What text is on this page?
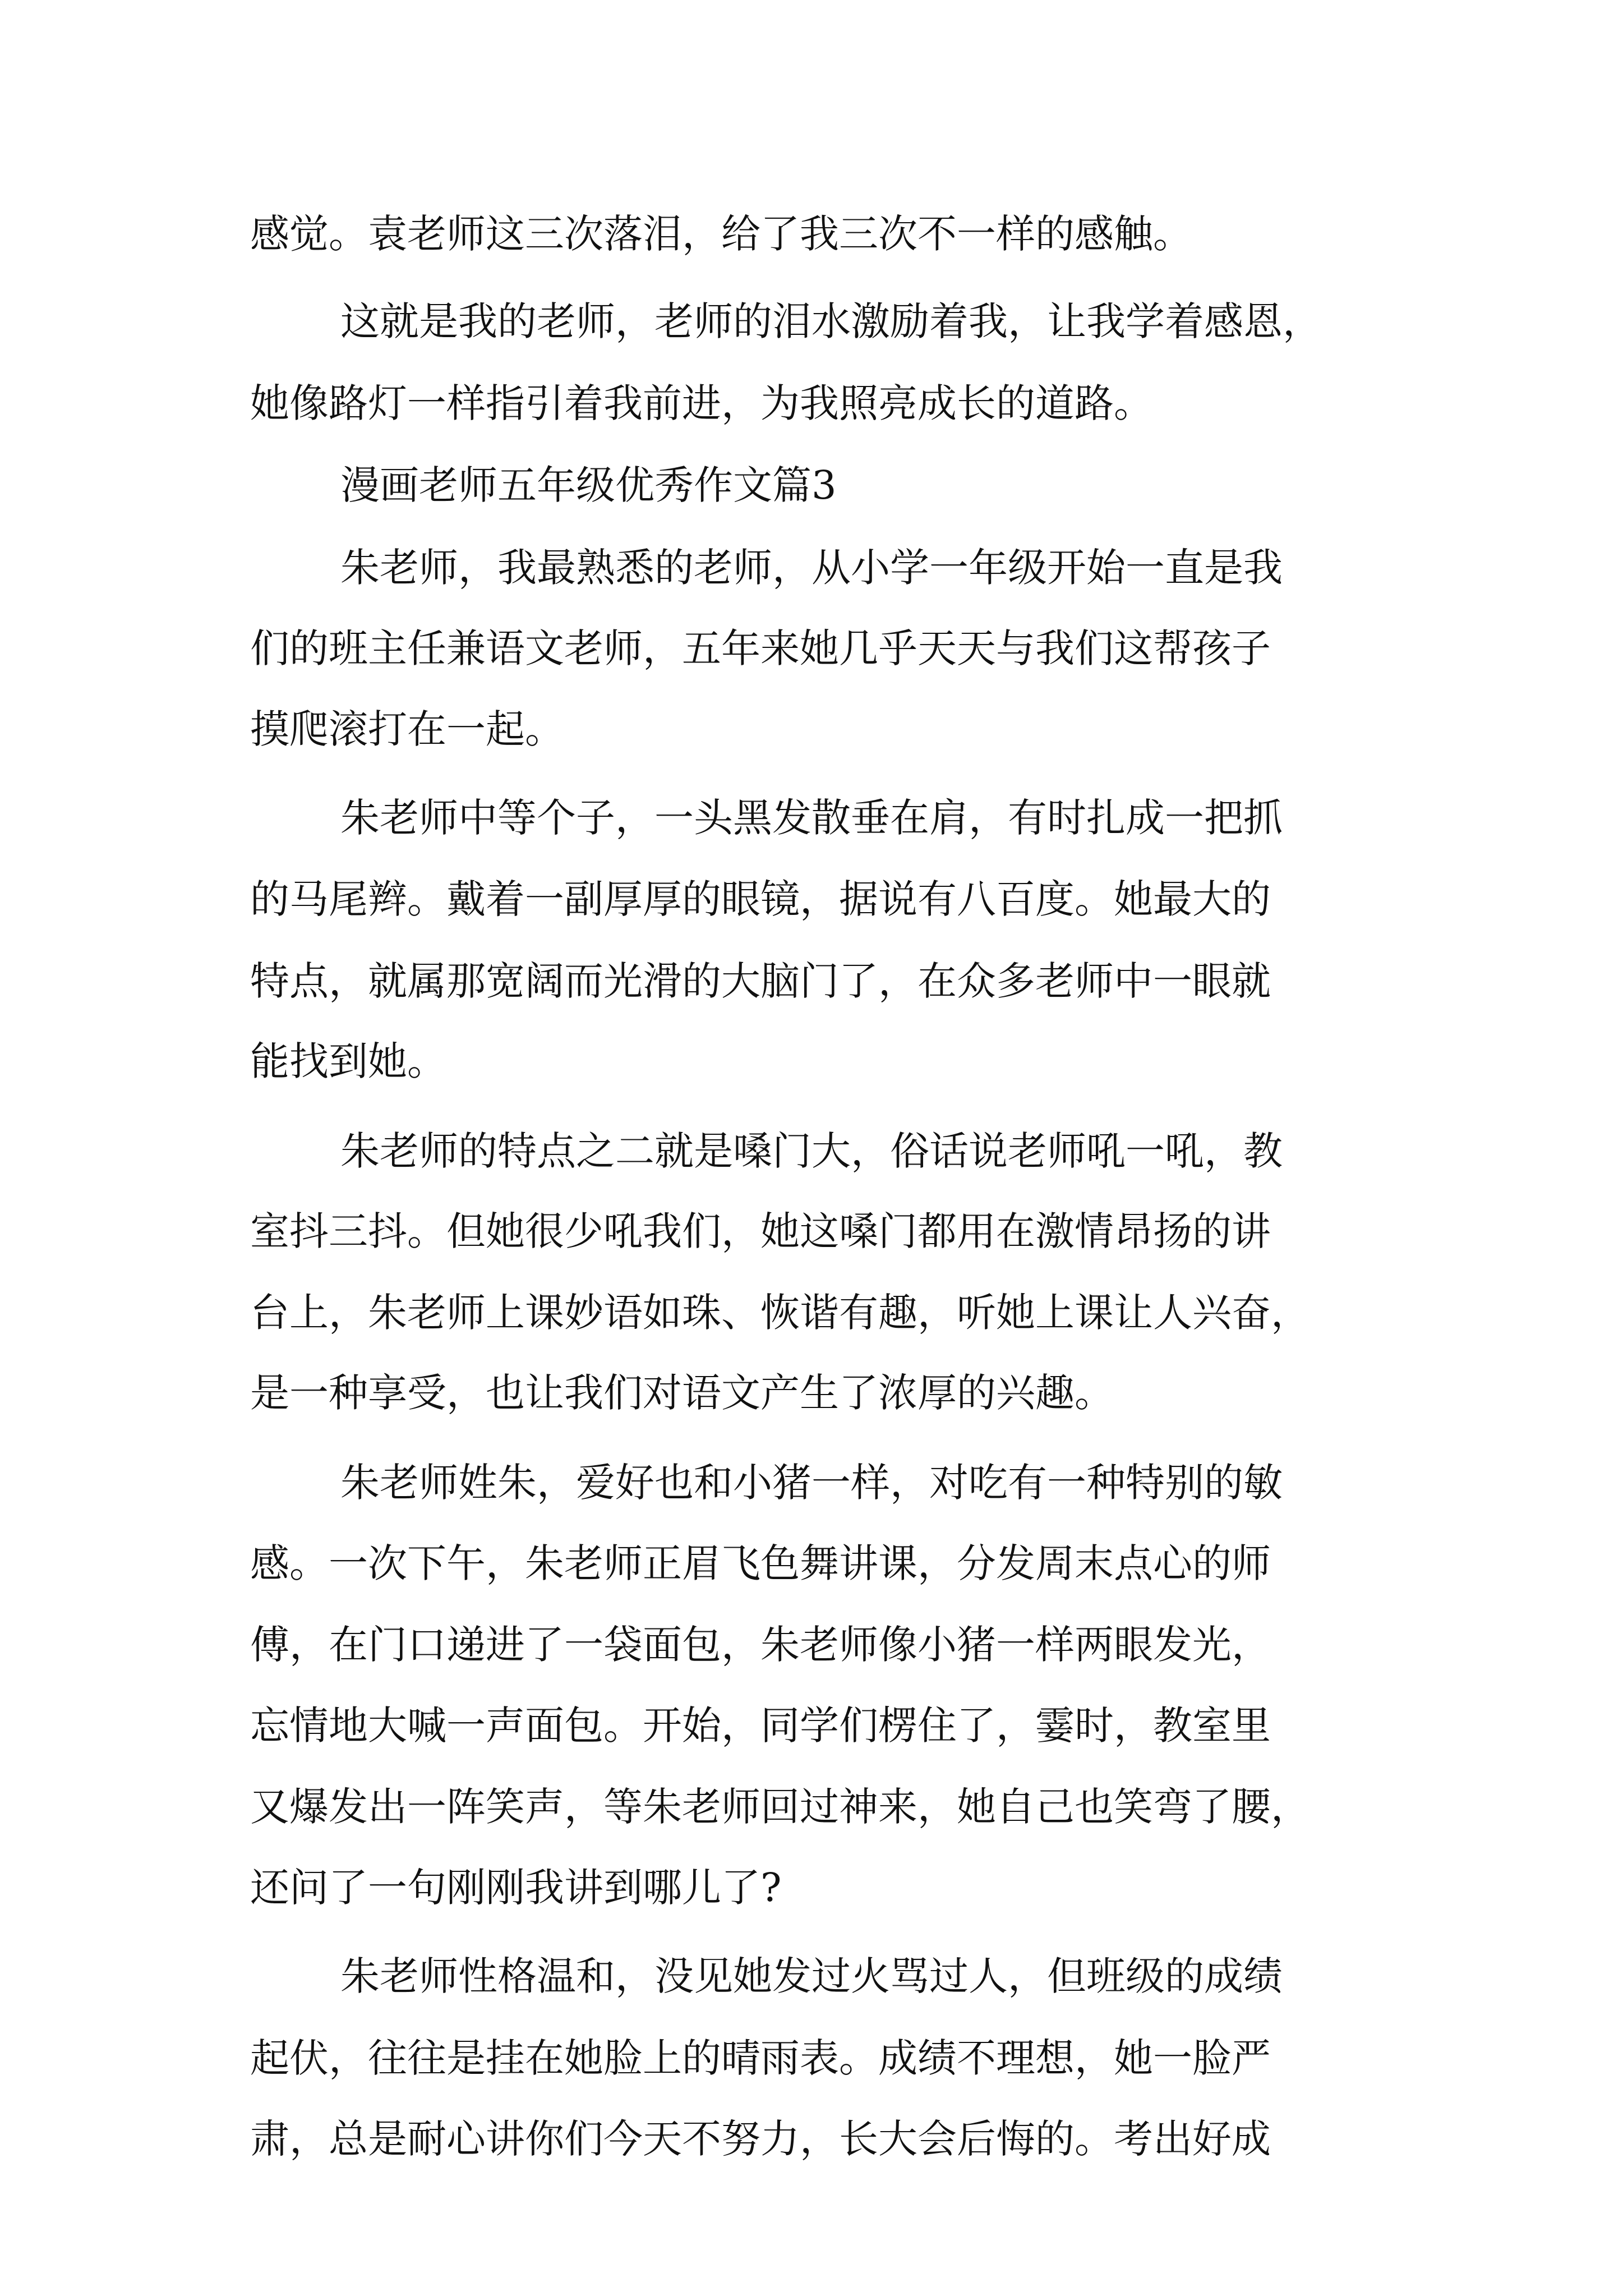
感觉。袁老师这三次落泪，给了我三次不一样的感触。
这就是我的老师，老师的泪水激励着我，让我学着感恩，
她像路灯一样指引着我前进，为我照亮成长的道路。
漫画老师五年级优秀作文篇3
朱老师，我最熟悉的老师，从小学一年级开始一直是我
们的班主任兼语文老师，五年来她几乎天天与我们这帮孩子
摸爬滚打在一起。
朱老师中等个子，一头黑发散垂在肩，有时扎成一把抓
的马尾辫。戴着一副厚厚的眼镜，据说有八百度。她最大的
特点，就属那宽阔而光滑的大脑门了，在众多老师中一眼就
能找到她。
朱老师的特点之二就是嗓门大，俗话说老师吼一吼，教
室抖三抖。但她很少吼我们，她这嗓门都用在激情昂扬的讲
台上，朱老师上课妙语如珠、恢谐有趣，听她上课让人兴奋，
是一种享受，也让我们对语文产生了浓厚的兴趣。
朱老师姓朱，爱好也和小猪一样，对吃有一种特别的敏
感。一次下午，朱老师正眉飞色舞讲课，分发周末点心的师
傅，在门口递进了一袋面包，朱老师像小猪一样两眼发光，
忘情地大喊一声面包。开始，同学们楞住了，霎时，教室里
又爆发出一阵笑声，等朱老师回过神来，她自己也笑弯了腰，
还问了一句刚刚我讲到哪儿了?
朱老师性格温和，没见她发过火骂过人，但班级的成绩
起伏，往往是挂在她脸上的晴雨表。成绩不理想，她一脸严
肃，总是耐心讲你们今天不努力，长大会后悔的。考出好成
